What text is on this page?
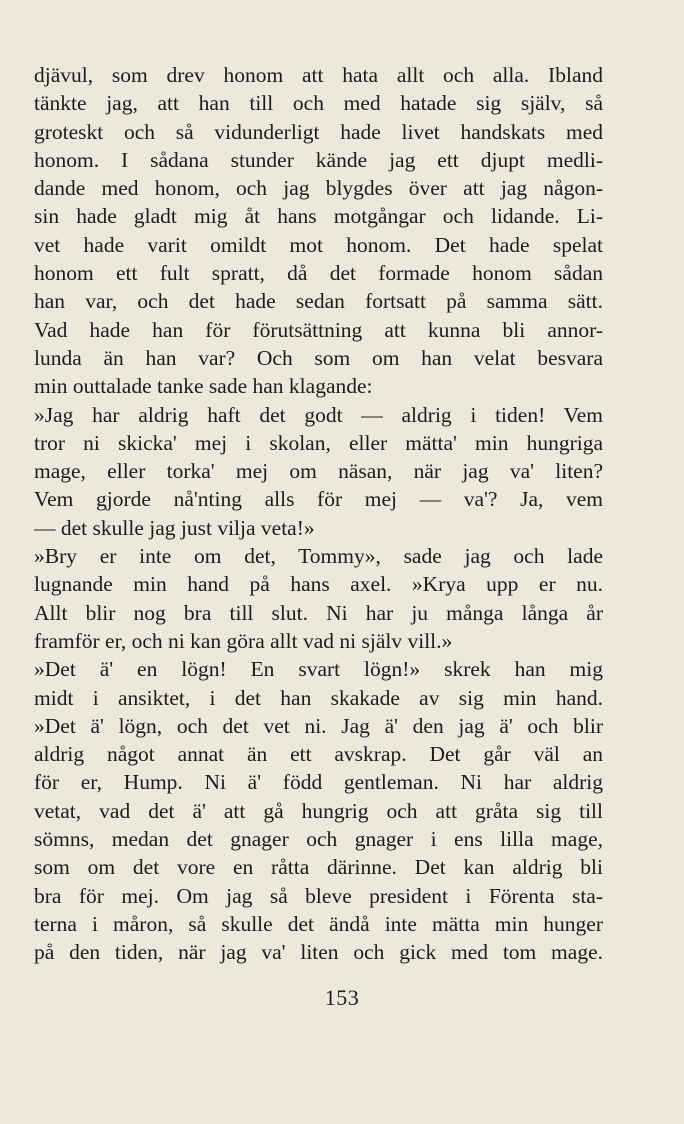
djävul, som drev honom att hata allt och alla. Ibland
tänkte jag, att han till och med hatade sig själv, så
groteskt och så vidunderligt hade livet handskats med
honom. I sådana stunder kände jag ett djupt medli-
dande med honom, och jag blygdes över att jag någon-
sin hade gladt mig åt hans motgångar och lidande. Li-
vet hade varit omildt mot honom. Det hade spelat
honom ett fult spratt, då det formade honom sådan
han var, och det hade sedan fortsatt på samma sätt.
Vad hade han för förutsättning att kunna bli annor-
lunda än han var? Och som om han velat besvara
min outtalade tanke sade han klagande:
»Jag har aldrig haft det godt — aldrig i tiden! Vem
tror ni skicka' mej i skolan, eller mätta' min hungriga
mage, eller torka' mej om näsan, när jag va' liten?
Vem gjorde nå'nting alls för mej — va'? Ja, vem
— det skulle jag just vilja veta!»
»Bry er inte om det, Tommy», sade jag och lade
lugnande min hand på hans axel. »Krya upp er nu.
Allt blir nog bra till slut. Ni har ju många långa år
framför er, och ni kan göra allt vad ni själv vill.»
»Det ä' en lögn! En svart lögn!» skrek han mig
midt i ansiktet, i det han skakade av sig min hand.
»Det ä' lögn, och det vet ni. Jag ä' den jag ä' och blir
aldrig något annat än ett avskrap. Det går väl an
för er, Hump. Ni ä' född gentleman. Ni har aldrig
vetat, vad det ä' att gå hungrig och att gråta sig till
sömns, medan det gnager och gnager i ens lilla mage,
som om det vore en råtta därinne. Det kan aldrig bli
bra för mej. Om jag så bleve president i Förenta sta-
terna i måron, så skulle det ändå inte mätta min hunger
på den tiden, när jag va' liten och gick med tom mage.
153
